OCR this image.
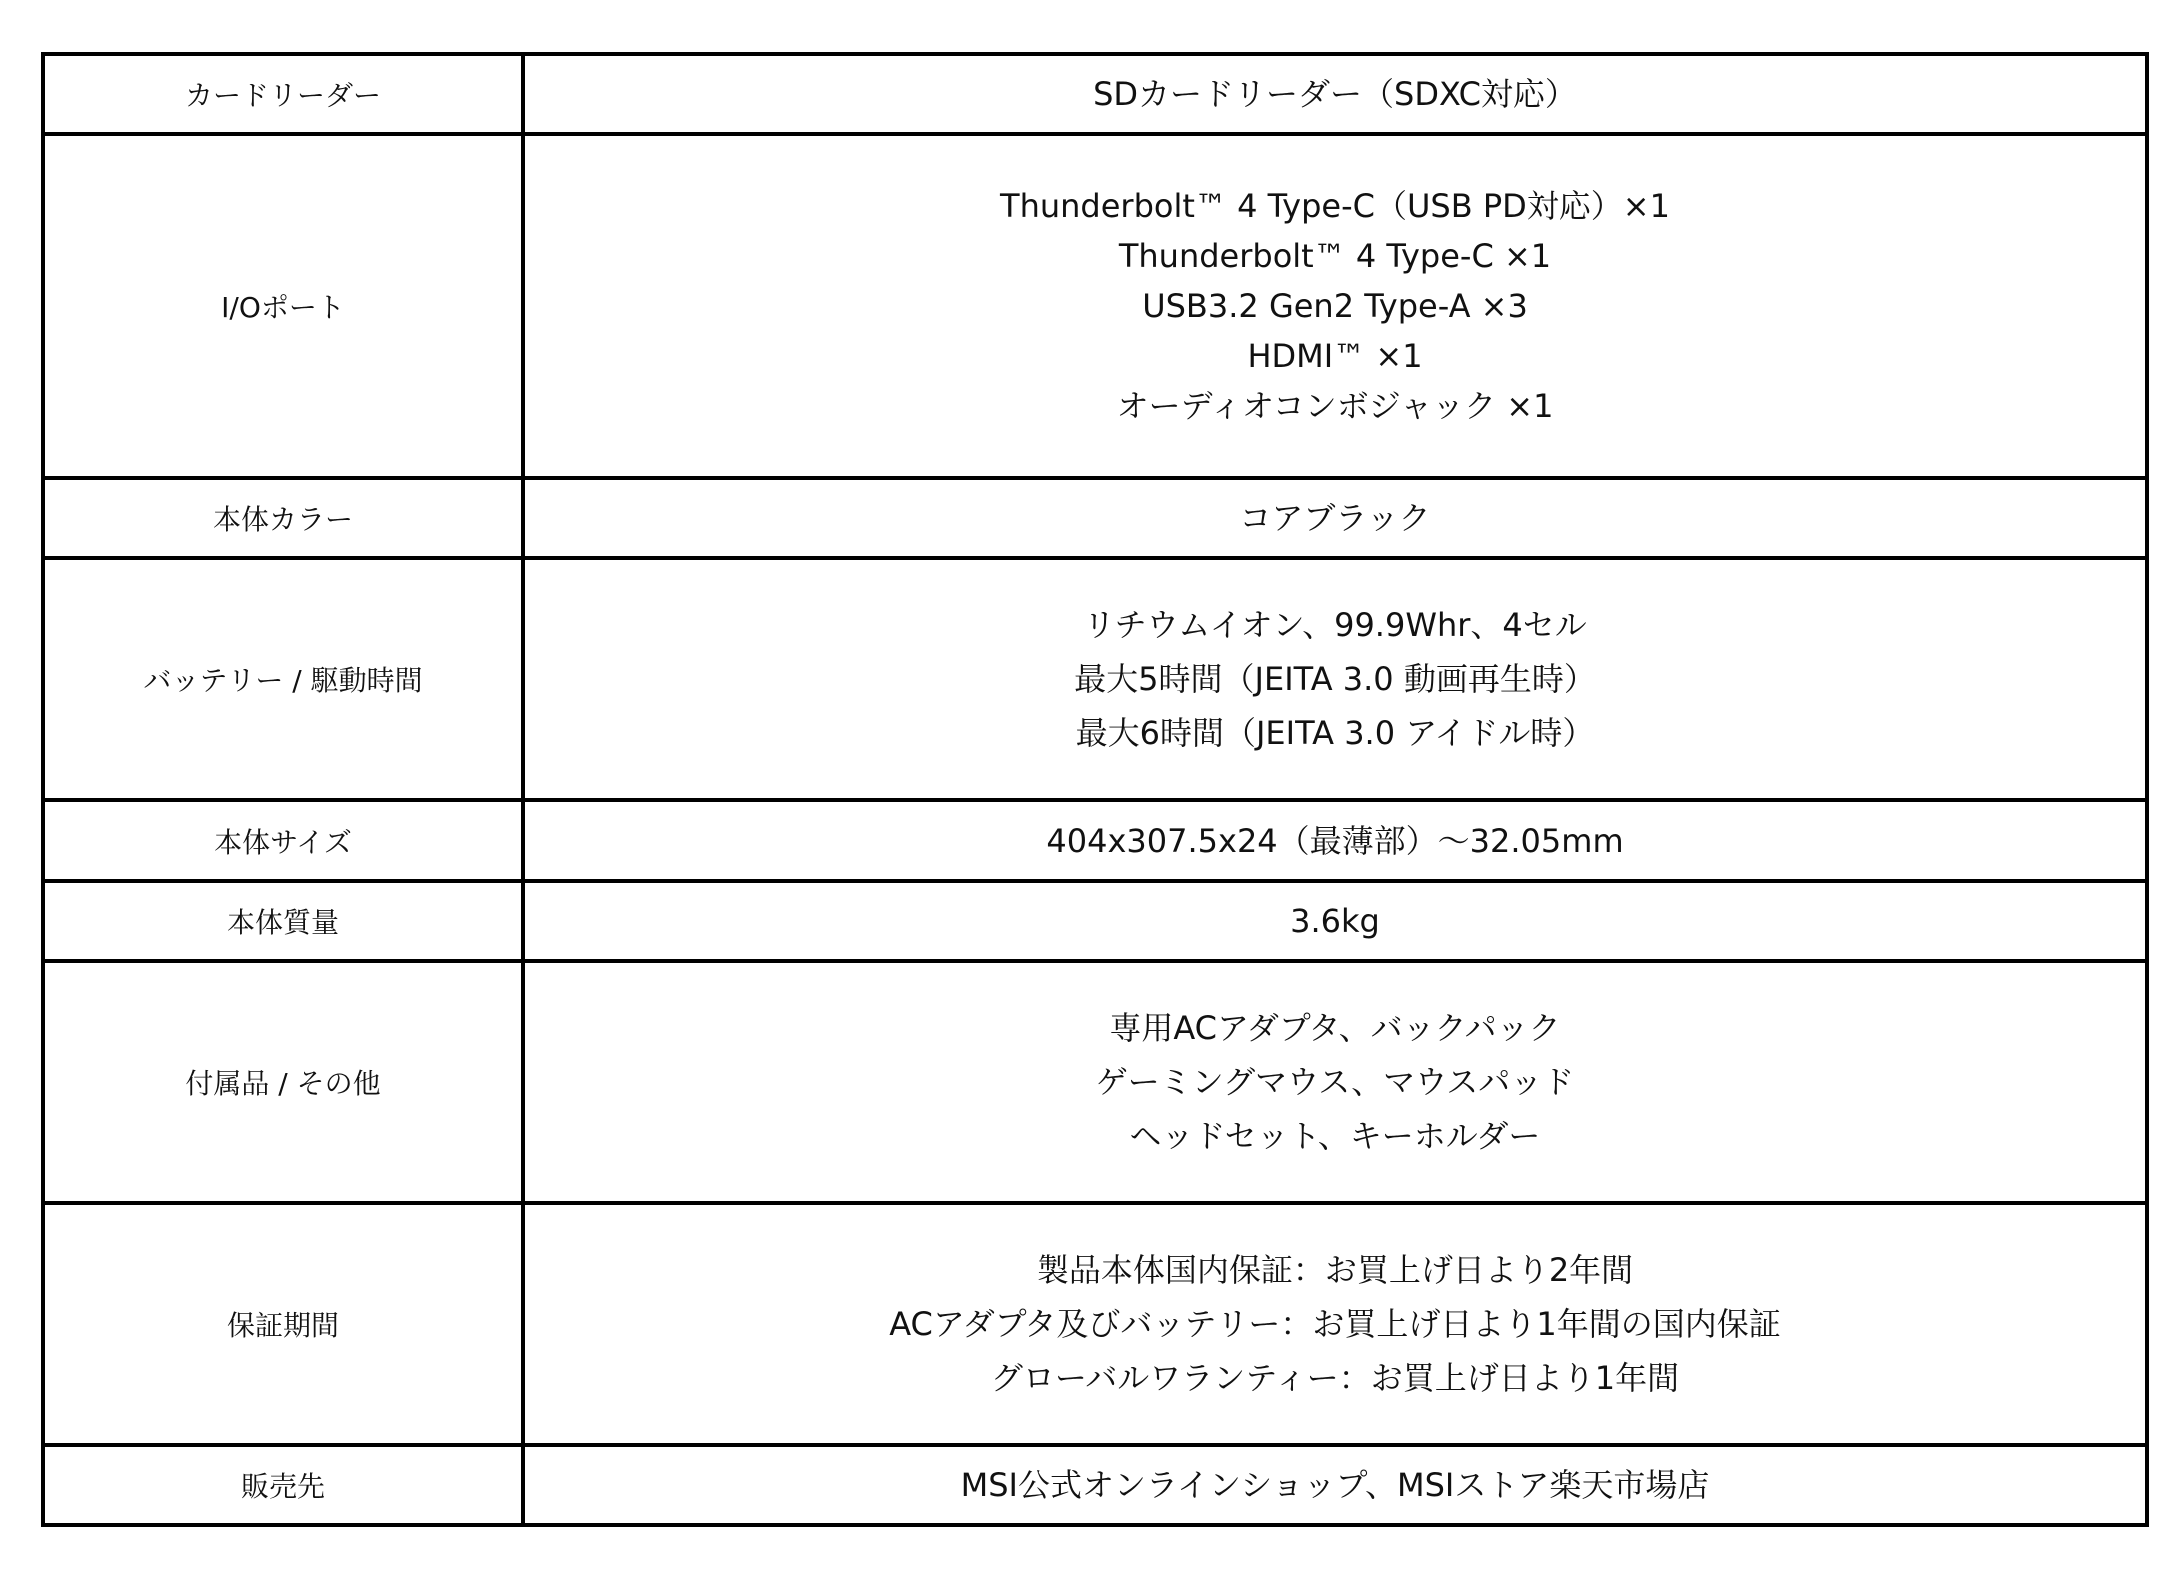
カードリーダー	SDカードリーダー（SDXC対応）

I/Oポート	Thunderbolt™ 4 Type-C（USB PD対応）×1
Thunderbolt™ 4 Type-C ×1
USB3.2 Gen2 Type-A ×3
HDMI™ ×1
オーディオコンボジャック ×1

本体カラー	コアブラック

バッテリー / 駆動時間	リチウムイオン、99.9Whr、4セル
最大5時間（JEITA 3.0 動画再生時）
最大6時間（JEITA 3.0 アイドル時）

本体サイズ	404x307.5x24（最薄部）～32.05mm

本体質量	3.6kg

付属品 / その他	専用ACアダプタ、バックパック
ゲーミングマウス、マウスパッド
ヘッドセット、キーホルダー

保証期間	製品本体国内保証：お買上げ日より2年間
ACアダプタ及びバッテリー：お買上げ日より1年間の国内保証
グローバルワランティー：お買上げ日より1年間

販売先	MSI公式オンラインショップ、MSIストア楽天市場店
